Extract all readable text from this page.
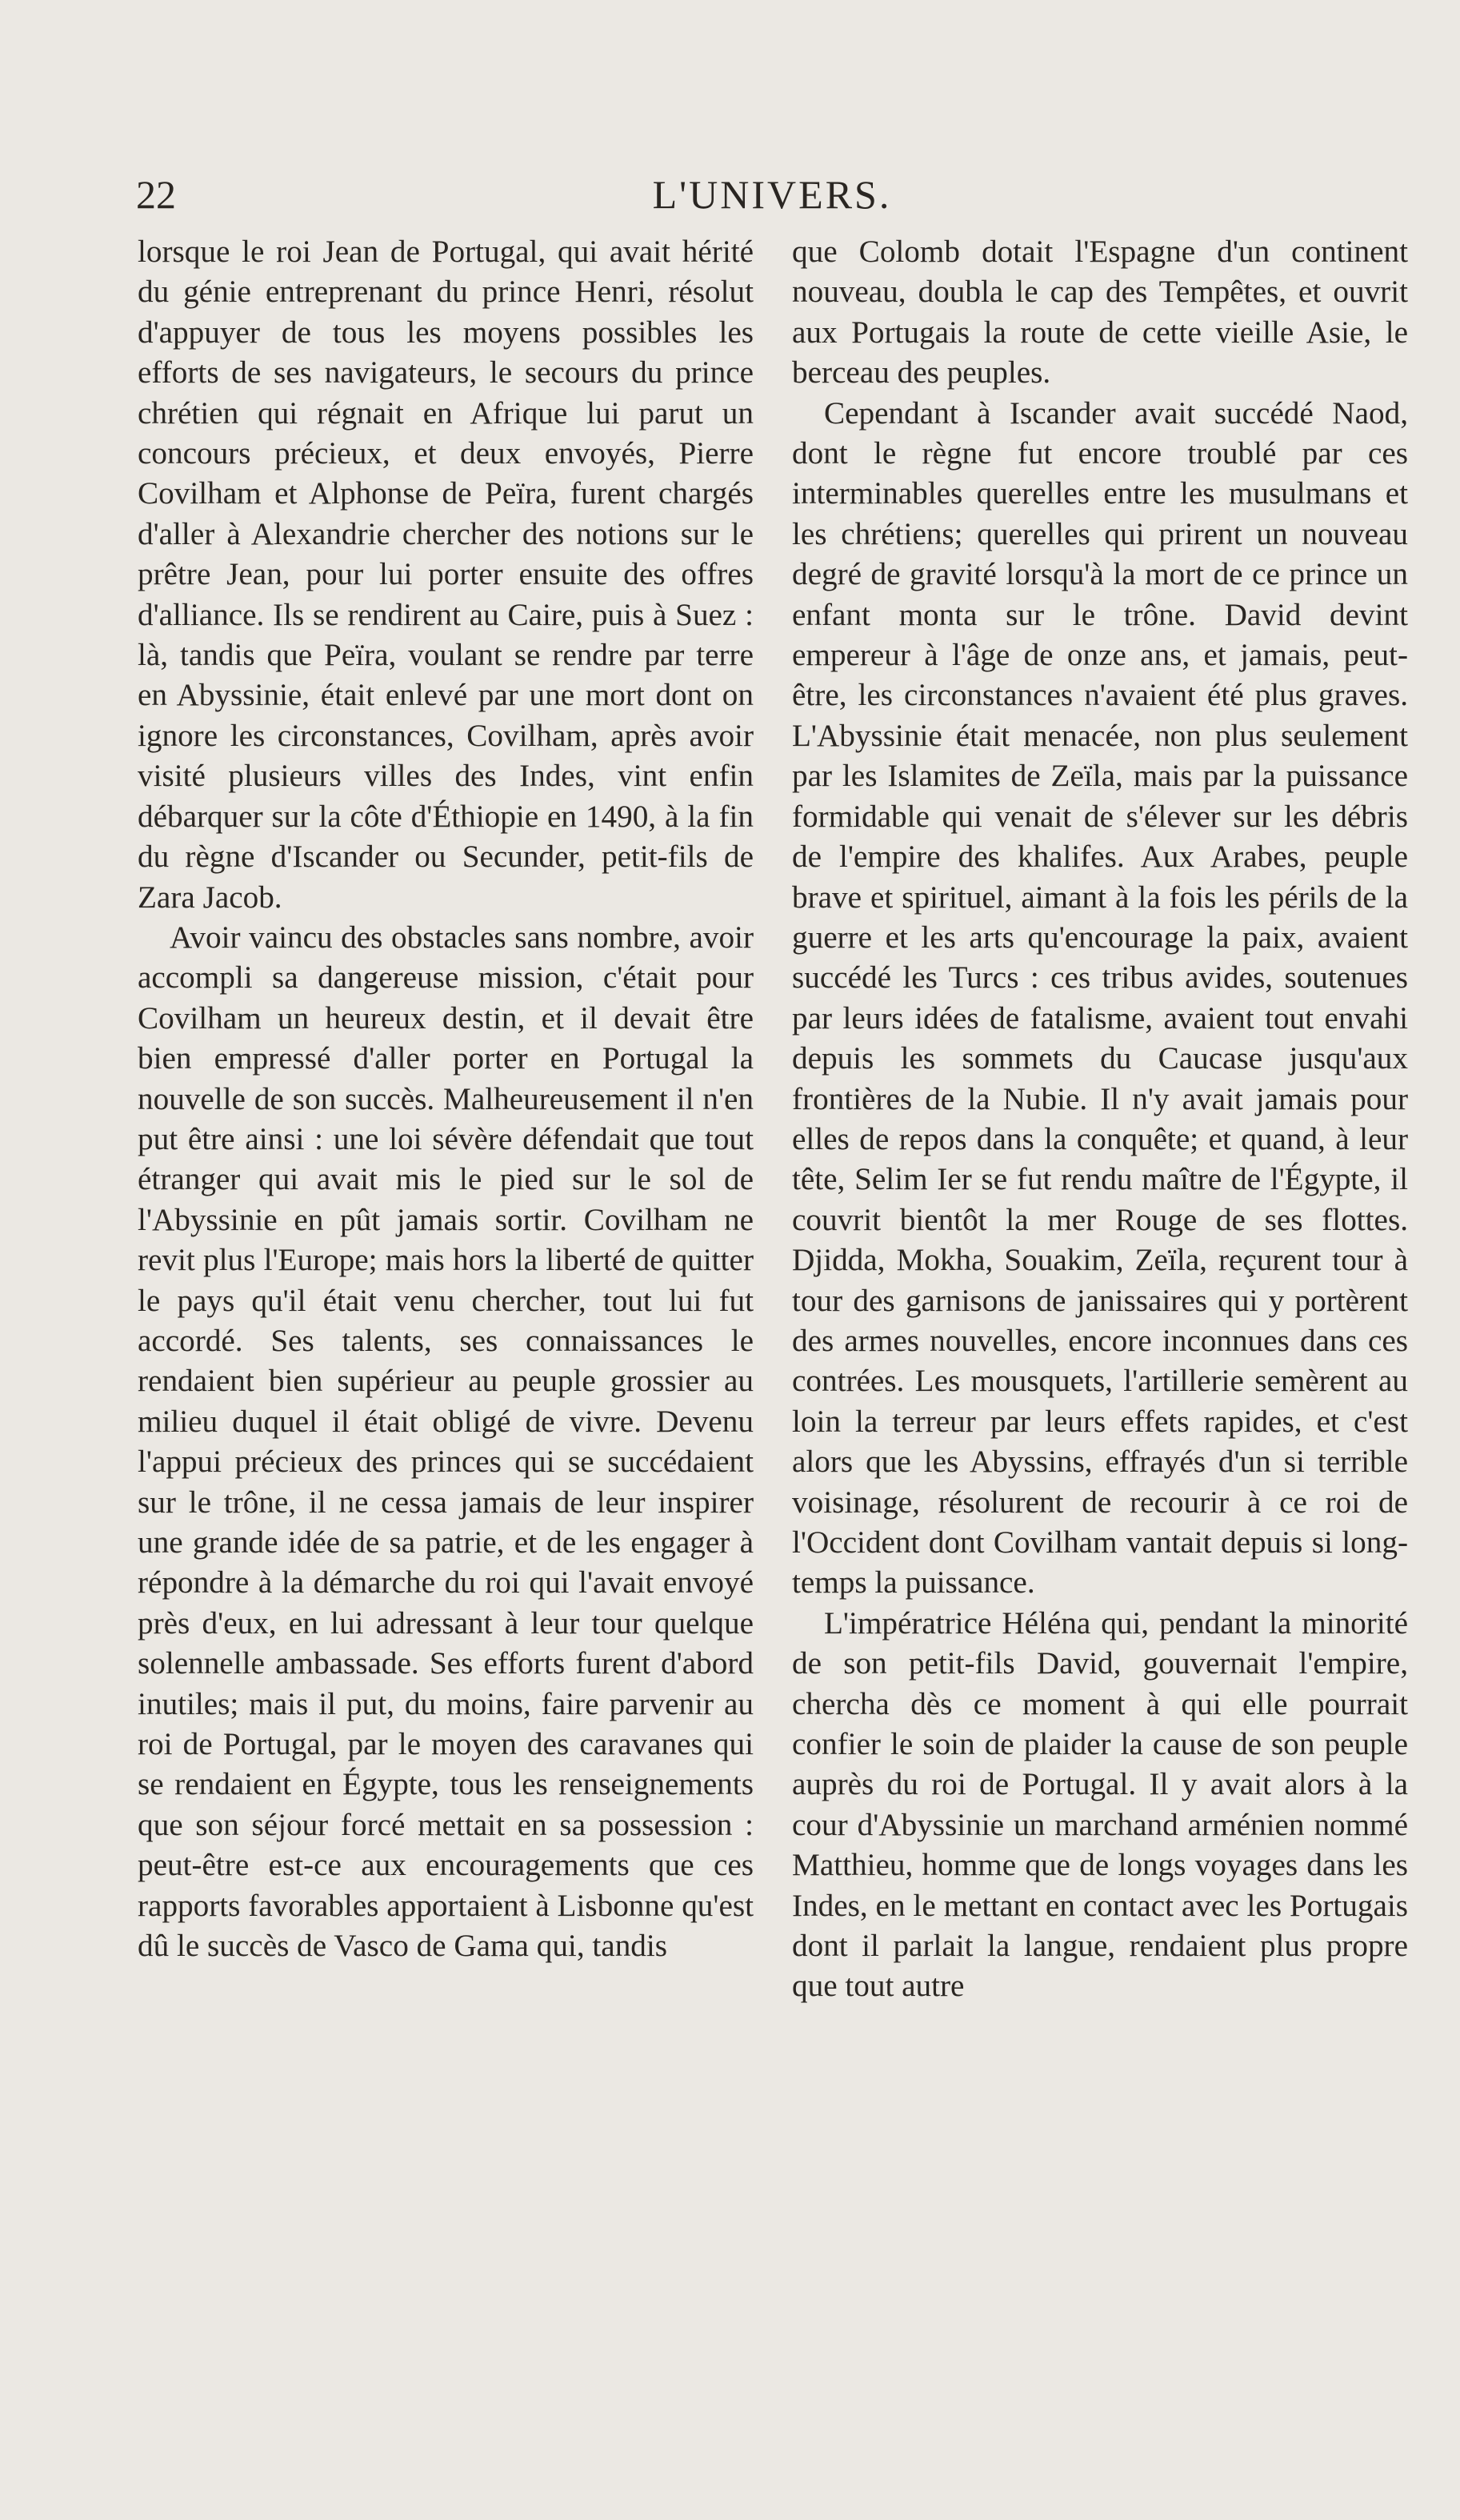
22	L'UNIVERS.

lorsque le roi Jean de Portugal, qui avait hérité du génie entreprenant du prince Henri, résolut d'appuyer de tous les moyens possibles les efforts de ses navigateurs, le secours du prince chrétien qui régnait en Afrique lui parut un concours précieux, et deux envoyés, Pierre Covilham et Alphonse de Peïra, furent chargés d'aller à Alexandrie chercher des notions sur le prêtre Jean, pour lui porter ensuite des offres d'alliance. Ils se rendirent au Caire, puis à Suez : là, tandis que Peïra, voulant se rendre par terre en Abyssinie, était enlevé par une mort dont on ignore les circonstances, Covilham, après avoir visité plusieurs villes des Indes, vint enfin débarquer sur la côte d'Éthiopie en 1490, à la fin du règne d'Iscander ou Secunder, petit-fils de Zara Jacob.

Avoir vaincu des obstacles sans nombre, avoir accompli sa dangereuse mission, c'était pour Covilham un heureux destin, et il devait être bien empressé d'aller porter en Portugal la nouvelle de son succès. Malheureusement il n'en put être ainsi : une loi sévère défendait que tout étranger qui avait mis le pied sur le sol de l'Abyssinie en pût jamais sortir. Covilham ne revit plus l'Europe; mais hors la liberté de quitter le pays qu'il était venu chercher, tout lui fut accordé. Ses talents, ses connaissances le rendaient bien supérieur au peuple grossier au milieu duquel il était obligé de vivre. Devenu l'appui précieux des princes qui se succédaient sur le trône, il ne cessa jamais de leur inspirer une grande idée de sa patrie, et de les engager à répondre à la démarche du roi qui l'avait envoyé près d'eux, en lui adressant à leur tour quelque solennelle ambassade. Ses efforts furent d'abord inutiles; mais il put, du moins, faire parvenir au roi de Portugal, par le moyen des caravanes qui se rendaient en Égypte, tous les renseignements que son séjour forcé mettait en sa possession : peut-être est-ce aux encouragements que ces rapports favorables apportaient à Lisbonne qu'est dû le succès de Vasco de Gama qui, tandis

que Colomb dotait l'Espagne d'un continent nouveau, doubla le cap des Tempêtes, et ouvrit aux Portugais la route de cette vieille Asie, le berceau des peuples.

Cependant à Iscander avait succédé Naod, dont le règne fut encore troublé par ces interminables querelles entre les musulmans et les chrétiens; querelles qui prirent un nouveau degré de gravité lorsqu'à la mort de ce prince un enfant monta sur le trône. David devint empereur à l'âge de onze ans, et jamais, peut-être, les circonstances n'avaient été plus graves. L'Abyssinie était menacée, non plus seulement par les Islamites de Zeïla, mais par la puissance formidable qui venait de s'élever sur les débris de l'empire des khalifes. Aux Arabes, peuple brave et spirituel, aimant à la fois les périls de la guerre et les arts qu'encourage la paix, avaient succédé les Turcs : ces tribus avides, soutenues par leurs idées de fatalisme, avaient tout envahi depuis les sommets du Caucase jusqu'aux frontières de la Nubie. Il n'y avait jamais pour elles de repos dans la conquête; et quand, à leur tête, Selim Ier se fut rendu maître de l'Égypte, il couvrit bientôt la mer Rouge de ses flottes. Djidda, Mokha, Souakim, Zeïla, reçurent tour à tour des garnisons de janissaires qui y portèrent des armes nouvelles, encore inconnues dans ces contrées. Les mousquets, l'artillerie semèrent au loin la terreur par leurs effets rapides, et c'est alors que les Abyssins, effrayés d'un si terrible voisinage, résolurent de recourir à ce roi de l'Occident dont Covilham vantait depuis si long-temps la puissance.

L'impératrice Hélénа qui, pendant la minorité de son petit-fils David, gouvernait l'empire, chercha dès ce moment à qui elle pourrait confier le soin de plaider la cause de son peuple auprès du roi de Portugal. Il y avait alors à la cour d'Abyssinie un marchand arménien nommé Matthieu, homme que de longs voyages dans les Indes, en le mettant en contact avec les Portugais dont il parlait la langue, rendaient plus propre que tout autre
